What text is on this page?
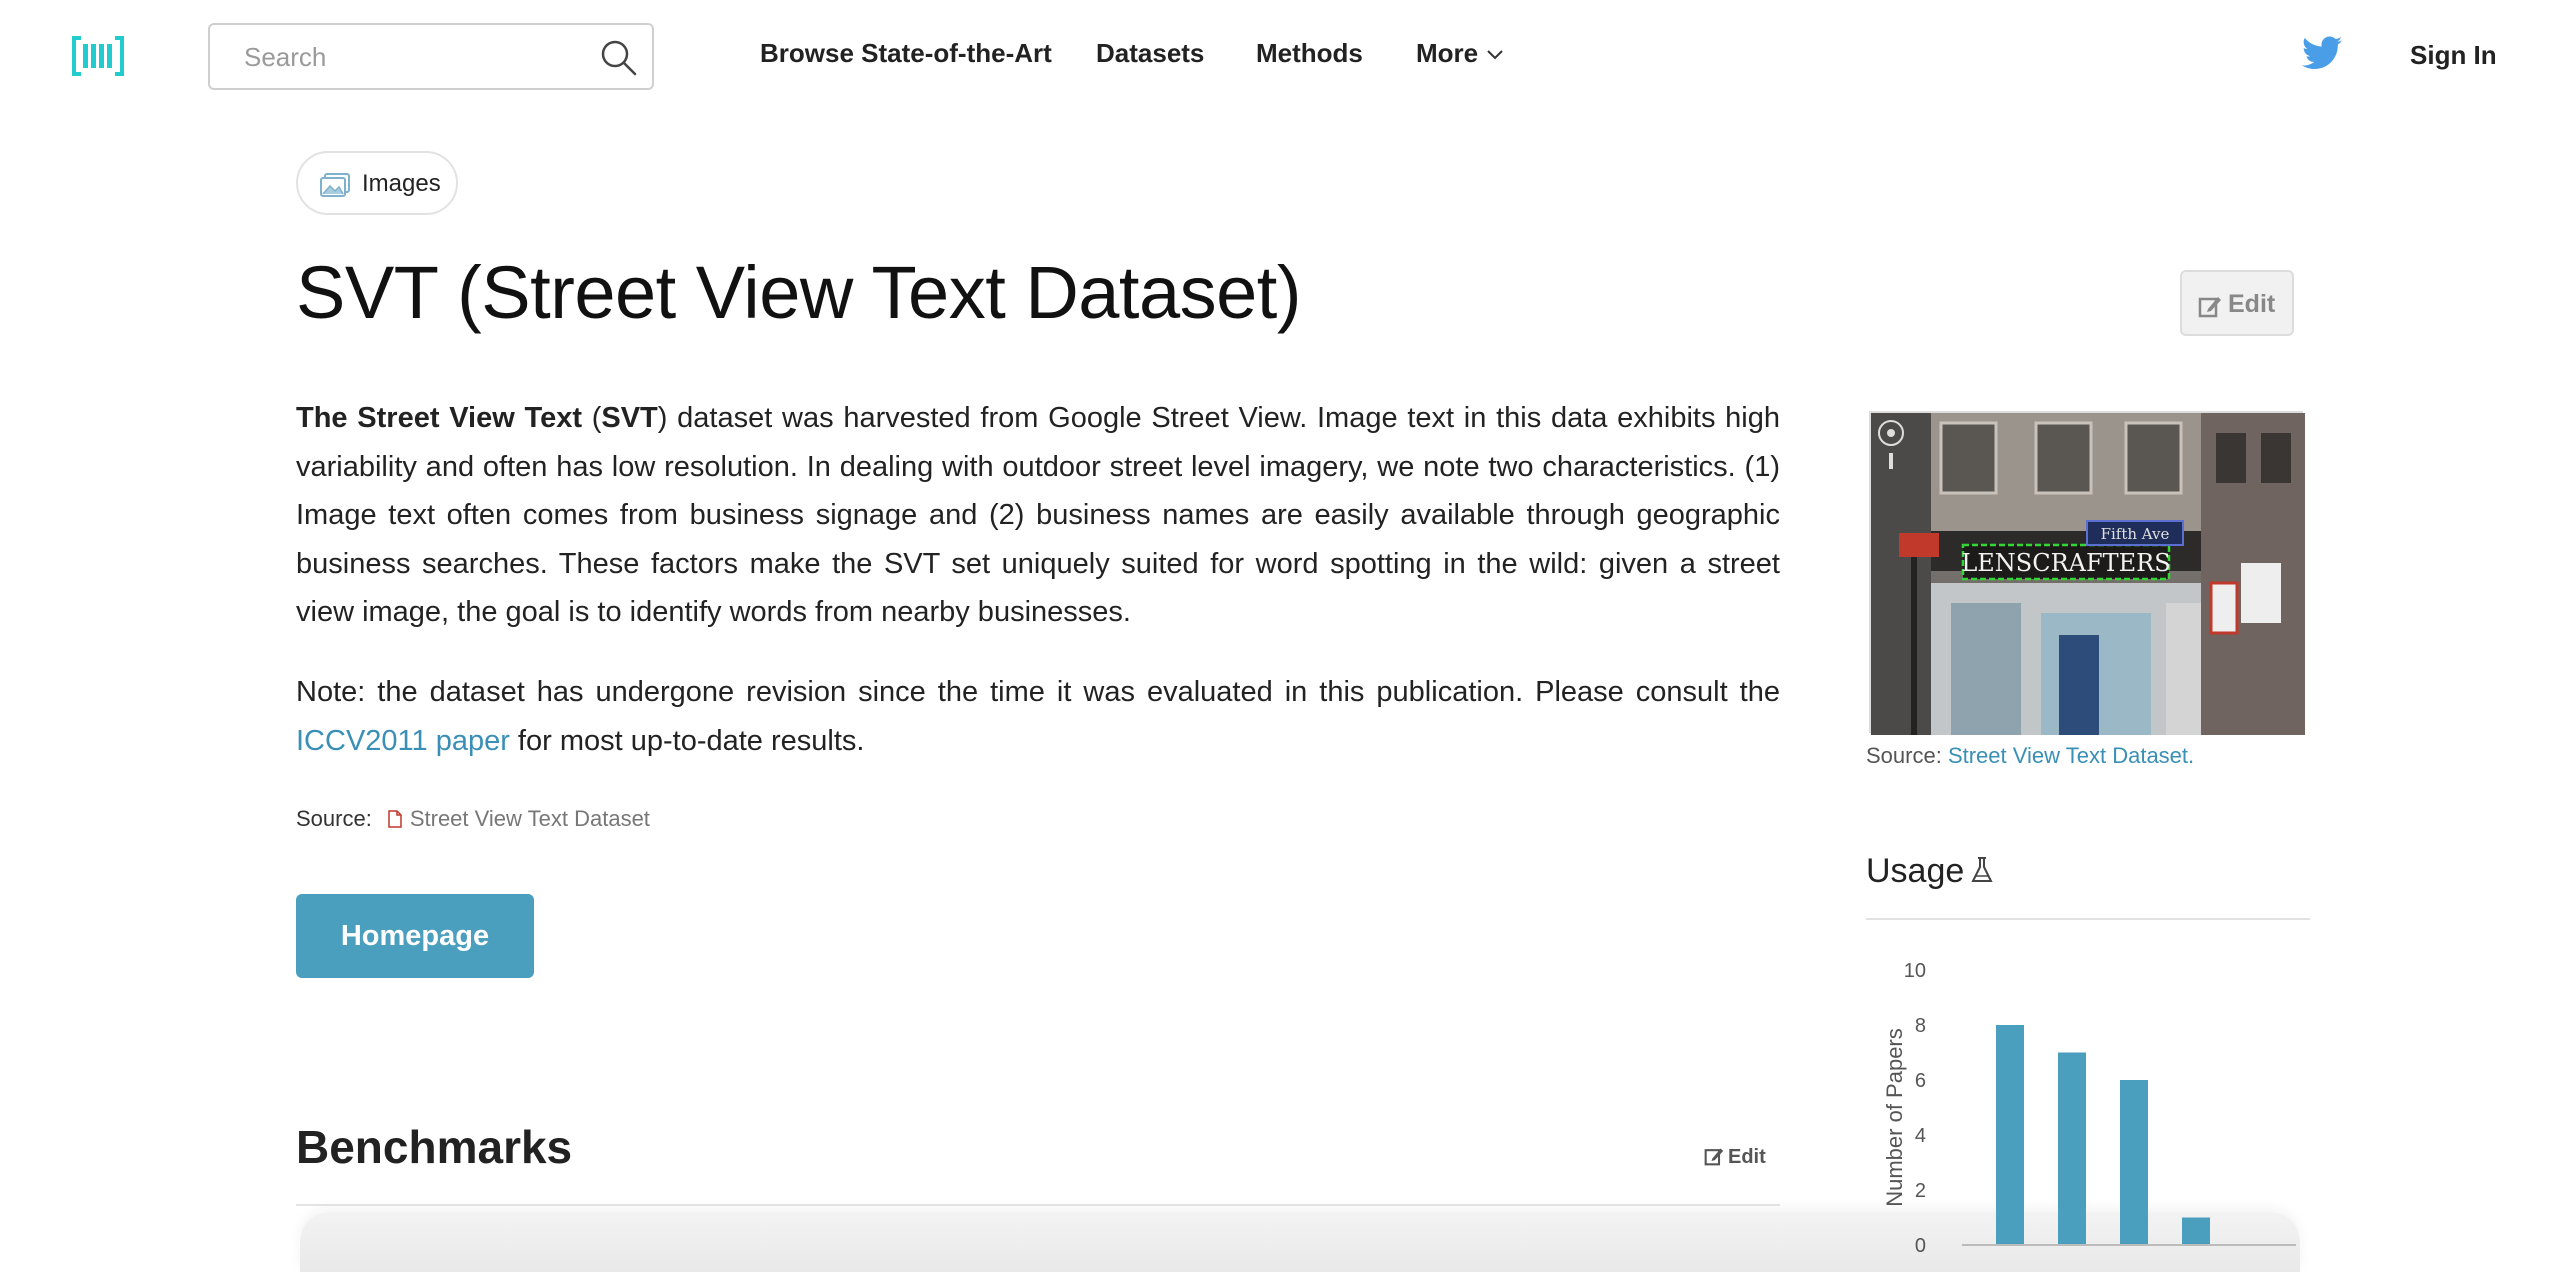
Search
Browse State-of-the-Art Datasets Methods More	Sign In
Images
SVT (Street View Text Dataset)	Edit

The Street View Text (SVT) dataset was harvested from Google Street View. Image text in this data exhibits high variability and often has low resolution. In dealing with outdoor street level imagery, we note two characteristics. (1) Image text often comes from business signage and (2) business names are easily available through geographic business searches. These factors make the SVT set uniquely suited for word spotting in the wild: given a street view image, the goal is to identify words from nearby businesses.

Note: the dataset has undergone revision since the time it was evaluated in this publication. Please consult the ICCV2011 paper for most up-to-date results.

Source: Street View Text Dataset
Homepage
Benchmarks	Edit
LENSCRAFTERS
Fifth Ave
Source: Street View Text Dataset.
Usage
0
2
4
6
8
10
Number of Papers
